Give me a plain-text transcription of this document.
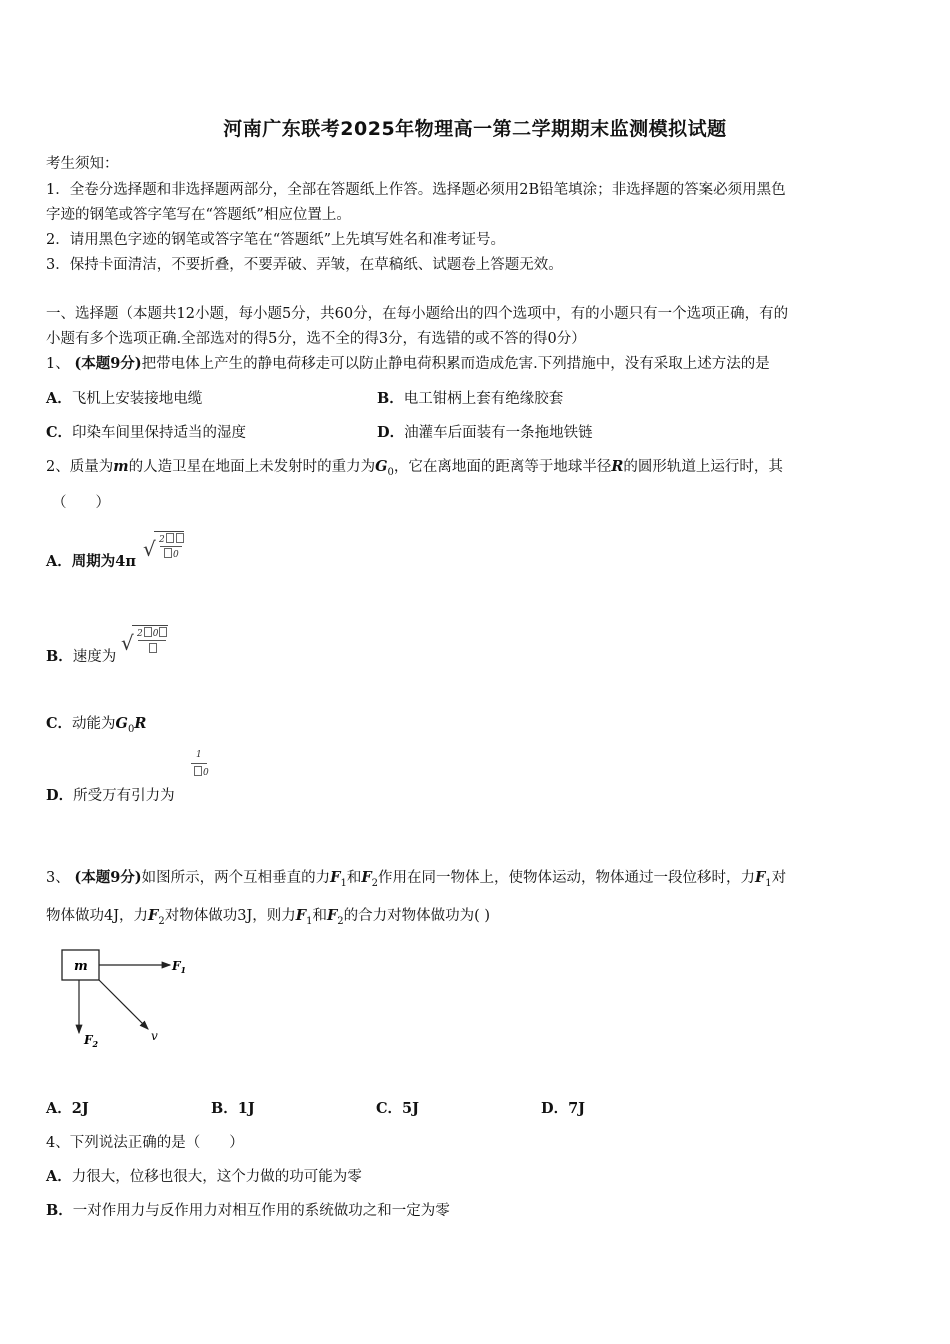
河南广东联考2025年物理高一第二学期期末监测模拟试题
考生须知：
1．全卷分选择题和非选择题两部分，全部在答题纸上作答。选择题必须用2B铅笔填涂；非选择题的答案必须用黑色
字迹的钢笔或答字笔写在“答题纸”相应位置上。
2．请用黑色字迹的钢笔或答字笔在“答题纸”上先填写姓名和准考证号。
3．保持卡面清洁，不要折叠，不要弄破、弄皱，在草稿纸、试题卷上答题无效。
一、选择题（本题共12小题，每小题5分，共60分，在每小题给出的四个选项中，有的小题只有一个选项正确，有的
小题有多个选项正确.全部选对的得5分，选不全的得3分，有选错的或不答的得0分）
1、 (本题9分)把带电体上产生的静电荷移走可以防止静电荷积累而造成危害.下列措施中，没有采取上述方法的是
A．飞机上安装接地电缆	B．电工钳柄上套有绝缘胶套
C．印染车间里保持适当的湿度	D．油灌车后面装有一条拖地铁链
2、质量为m的人造卫星在地面上未发射时的重力为$G_0$，它在离地面的距离等于地球半径R的圆形轨道上运行时，其
（　　）
A．周期为4π
√ 2
0
B．速度为
√ 2 0
C．动能为$G_0R$
1
0
D．所受万有引力为
3、 (本题9分)如图所示，两个互相垂直的力$F_1$和$F_2$作用在同一物体上，使物体运动，物体通过一段位移时，力$F_1$对
物体做功4J，力$F_2$对物体做功3J，则力$F_1$和$F_2$的合力对物体做功为( )
m	$F_1$
$F_2$
v
A．2J	B．1J	C．5J	D．7J
4、下列说法正确的是（　　）
A．力很大，位移也很大，这个力做的功可能为零
B．一对作用力与反作用力对相互作用的系统做功之和一定为零
